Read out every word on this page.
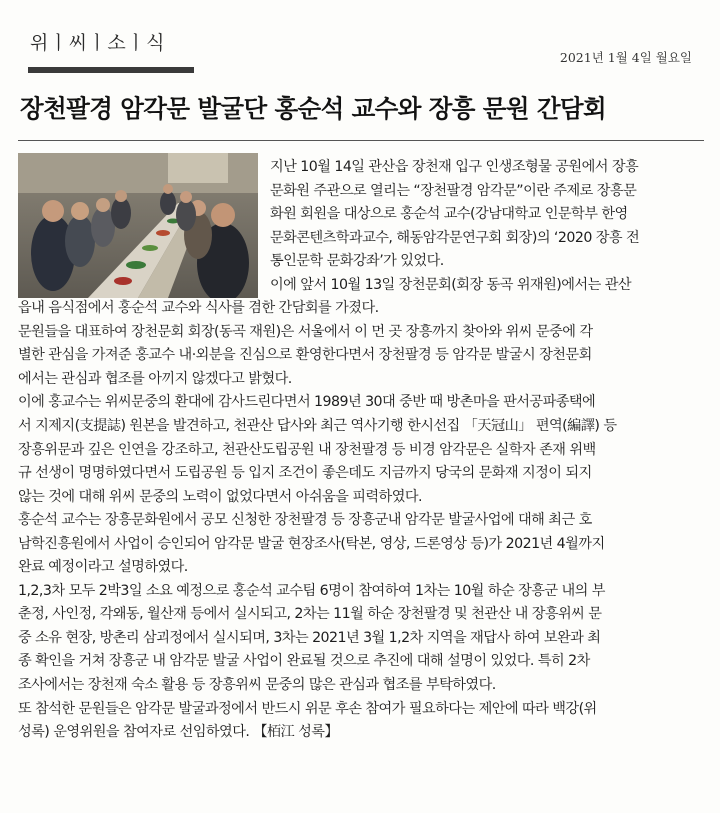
위ㅣ씨ㅣ소ㅣ식
2021년 1월 4일 월요일
장천팔경 암각문 발굴단 홍순석 교수와 장흥 문원 간담회
지난 10월 14일 관산읍 장천재 입구 인생조형물 공원에서 장흥
문화원 주관으로 열리는 “장천팔경 암각문”이란 주제로 장흥문
화원 회원을 대상으로 홍순석 교수(강남대학교 인문학부 한영
문화콘텐츠학과교수, 해동암각문연구회 회장)의 ‘2020 장흥 전
통인문학 문화강좌’가 있었다.
이에 앞서 10월 13일 장천문회(회장 동곡 위재원)에서는 관산
읍내 음식점에서 홍순석 교수와 식사를 겸한 간담회를 가졌다.
문원들을 대표하여 장천문회 회장(동곡 재원)은 서울에서 이 먼 곳 장흥까지 찾아와 위씨 문중에 각
별한 관심을 가져준 홍교수 내·외분을 진심으로 환영한다면서 장천팔경 등 암각문 발굴시 장천문회
에서는 관심과 협조를 아끼지 않겠다고 밝혔다.
이에 홍교수는 위씨문중의 환대에 감사드린다면서 1989년 30대 중반 때 방촌마을 판서공파종택에
서 지제지(支提誌) 원본을 발견하고, 천관산 답사와 최근 역사기행 한시선집 「天冠山」 편역(編譯) 등
장흥위문과 깊은 인연을 강조하고, 천관산도립공원 내 장천팔경 등 비경 암각문은 실학자 존재 위백
규 선생이 명명하였다면서 도립공원 등 입지 조건이 좋은데도 지금까지 당국의 문화재 지정이 되지
않는 것에 대해 위씨 문중의 노력이 없었다면서 아쉬움을 피력하였다.
홍순석 교수는 장흥문화원에서 공모 신청한 장천팔경 등 장흥군내 암각문 발굴사업에 대해 최근 호
남학진흥원에서 사업이 승인되어 암각문 발굴 현장조사(탁본, 영상, 드론영상 등)가 2021년 4월까지
완료 예정이라고 설명하였다.
1,2,3차 모두 2박3일 소요 예정으로 홍순석 교수팀 6명이 참여하여 1차는 10월 하순 장흥군 내의 부
춘정, 사인정, 각왜동, 월산재 등에서 실시되고, 2차는 11월 하순 장천팔경 및 천관산 내 장흥위씨 문
중 소유 현장, 방촌리 삼괴정에서 실시되며, 3차는 2021년 3월 1,2차 지역을 재답사 하여 보완과 최
종 확인을 거쳐 장흥군 내 암각문 발굴 사업이 완료될 것으로 추진에 대해 설명이 있었다. 특히 2차
조사에서는 장천재 숙소 활용 등 장흥위씨 문중의 많은 관심과 협조를 부탁하였다.
또 참석한 문원들은 암각문 발굴과정에서 반드시 위문 후손 참여가 필요하다는 제안에 따라 백강(위
성록) 운영위원을 참여자로 선임하였다. 【栢江 성록】
